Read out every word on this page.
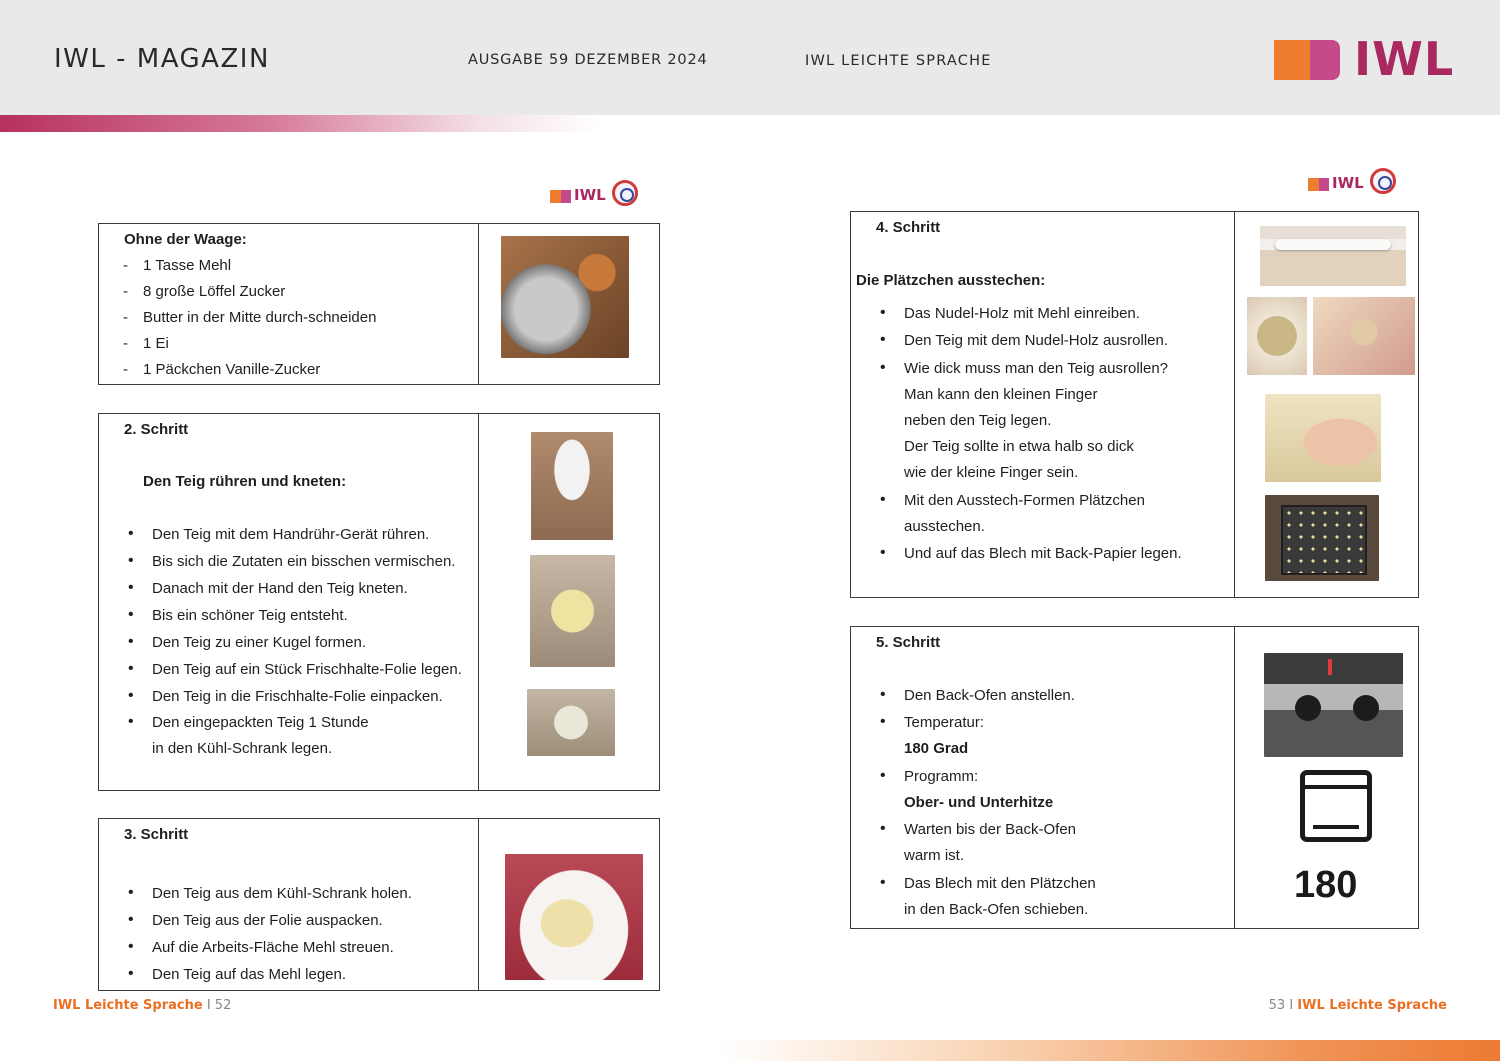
IWL - MAGAZIN	AUSGABE 59 DEZEMBER 2024	IWL LEICHTE SPRACHE	IWL
IWL
IWL
Ohne der Waage:
- 1 Tasse Mehl
- 8 große Löffel Zucker
- Butter in der Mitte durch-schneiden
- 1 Ei
- 1 Päckchen Vanille-Zucker
2. Schritt
Den Teig rühren und kneten:
• Den Teig mit dem Handrühr-Gerät rühren.
• Bis sich die Zutaten ein bisschen vermischen.
• Danach mit der Hand den Teig kneten.
• Bis ein schöner Teig entsteht.
• Den Teig zu einer Kugel formen.
• Den Teig auf ein Stück Frischhalte-Folie legen.
• Den Teig in die Frischhalte-Folie einpacken.
• Den eingepackten Teig 1 Stunde
in den Kühl-Schrank legen.
3. Schritt
• Den Teig aus dem Kühl-Schrank holen.
• Den Teig aus der Folie auspacken.
• Auf die Arbeits-Fläche Mehl streuen.
• Den Teig auf das Mehl legen.
4. Schritt
Die Plätzchen ausstechen:
• Das Nudel-Holz mit Mehl einreiben.
• Den Teig mit dem Nudel-Holz ausrollen.
• Wie dick muss man den Teig ausrollen?
Man kann den kleinen Finger
neben den Teig legen.
Der Teig sollte in etwa halb so dick
wie der kleine Finger sein.
• Mit den Ausstech-Formen Plätzchen
ausstechen.
• Und auf das Blech mit Back-Papier legen.
5. Schritt
• Den Back-Ofen anstellen.
• Temperatur:
180 Grad
• Programm:
Ober- und Unterhitze
• Warten bis der Back-Ofen
warm ist.
• Das Blech mit den Plätzchen
in den Back-Ofen schieben.
180
IWL Leichte Sprache I 52	53 I IWL Leichte Sprache
